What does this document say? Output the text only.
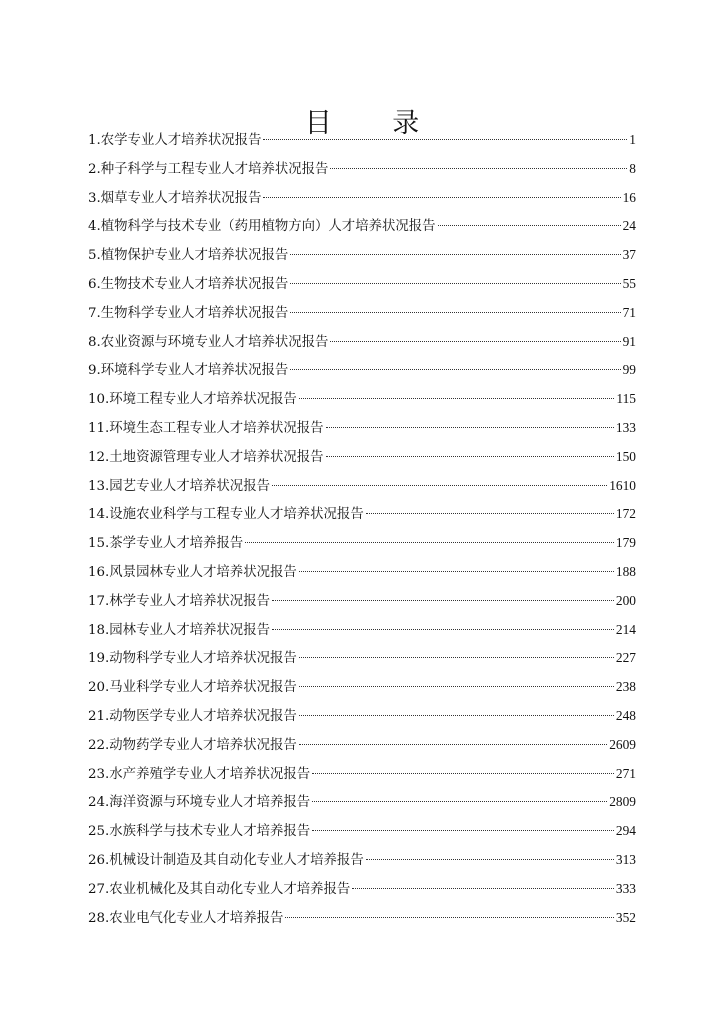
目 录
1.农学专业人才培养状况报告	1
2.种子科学与工程专业人才培养状况报告	8
3.烟草专业人才培养状况报告	16
4.植物科学与技术专业（药用植物方向）人才培养状况报告	24
5.植物保护专业人才培养状况报告	37
6.生物技术专业人才培养状况报告	55
7.生物科学专业人才培养状况报告	71
8.农业资源与环境专业人才培养状况报告	91
9.环境科学专业人才培养状况报告	99
10.环境工程专业人才培养状况报告	115
11.环境生态工程专业人才培养状况报告	133
12.土地资源管理专业人才培养状况报告	150
13.园艺专业人才培养状况报告	1610
14.设施农业科学与工程专业人才培养状况报告	172
15.茶学专业人才培养报告	179
16.风景园林专业人才培养状况报告	188
17.林学专业人才培养状况报告	200
18.园林专业人才培养状况报告	214
19.动物科学专业人才培养状况报告	227
20.马业科学专业人才培养状况报告	238
21.动物医学专业人才培养状况报告	248
22.动物药学专业人才培养状况报告	2609
23.水产养殖学专业人才培养状况报告	271
24.海洋资源与环境专业人才培养报告	2809
25.水族科学与技术专业人才培养报告	294
26.机械设计制造及其自动化专业人才培养报告	313
27.农业机械化及其自动化专业人才培养报告	333
28.农业电气化专业人才培养报告	352
